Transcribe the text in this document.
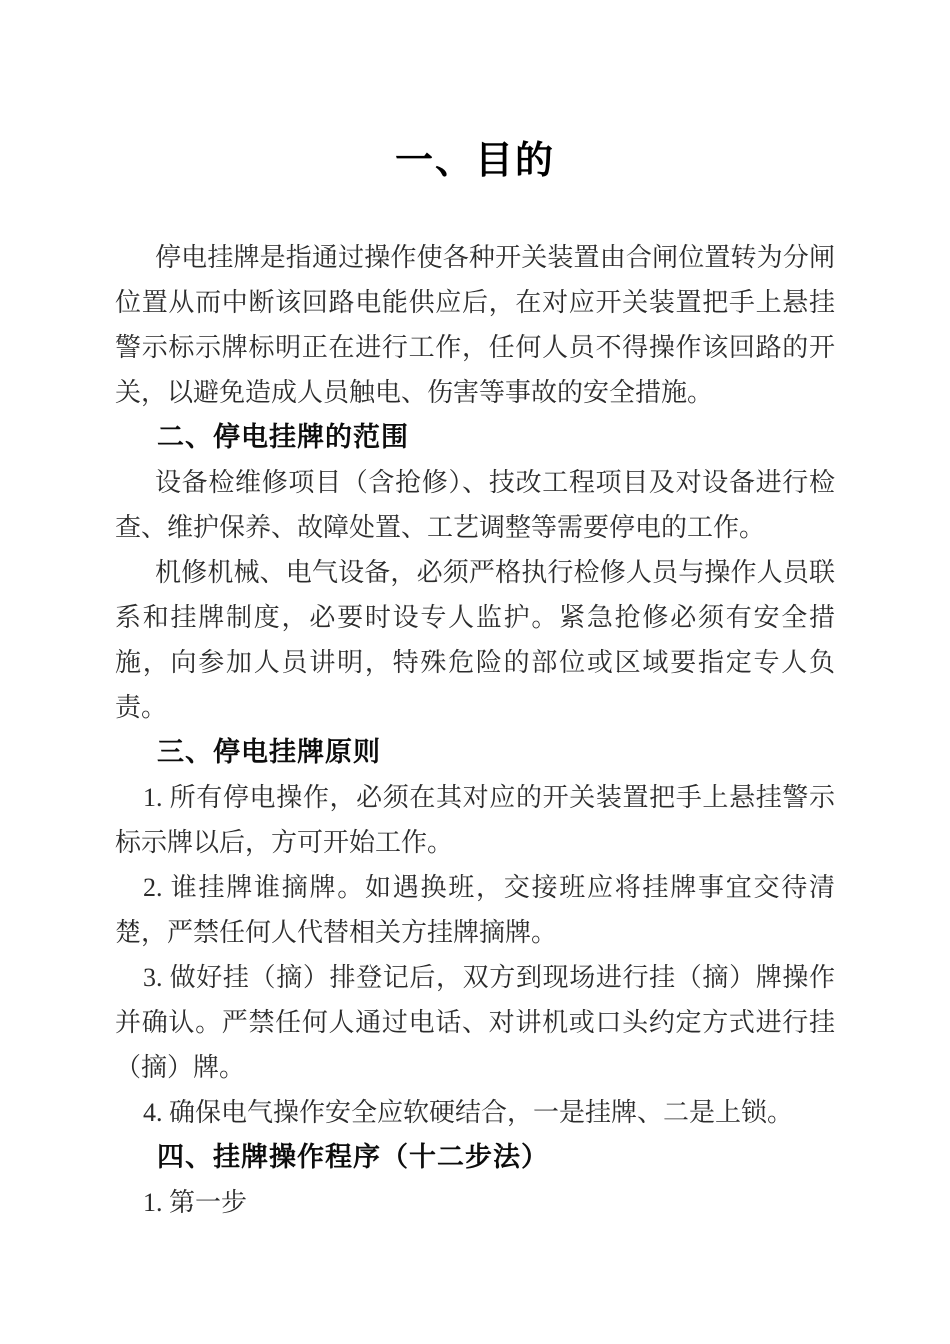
一、目的

停电挂牌是指通过操作使各种开关装置由合闸位置转为分闸位置从而中断该回路电能供应后，在对应开关装置把手上悬挂警示标示牌标明正在进行工作，任何人员不得操作该回路的开关，以避免造成人员触电、伤害等事故的安全措施。

二、停电挂牌的范围

设备检维修项目（含抢修）、技改工程项目及对设备进行检查、维护保养、故障处置、工艺调整等需要停电的工作。

机修机械、电气设备，必须严格执行检修人员与操作人员联系和挂牌制度，必要时设专人监护。紧急抢修必须有安全措施，向参加人员讲明，特殊危险的部位或区域要指定专人负责。

三、停电挂牌原则

1. 所有停电操作，必须在其对应的开关装置把手上悬挂警示标示牌以后，方可开始工作。

2. 谁挂牌谁摘牌。如遇换班，交接班应将挂牌事宜交待清楚，严禁任何人代替相关方挂牌摘牌。

3. 做好挂（摘）排登记后，双方到现场进行挂（摘）牌操作并确认。严禁任何人通过电话、对讲机或口头约定方式进行挂（摘）牌。

4. 确保电气操作安全应软硬结合，一是挂牌、二是上锁。

四、挂牌操作程序（十二步法）

1. 第一步
